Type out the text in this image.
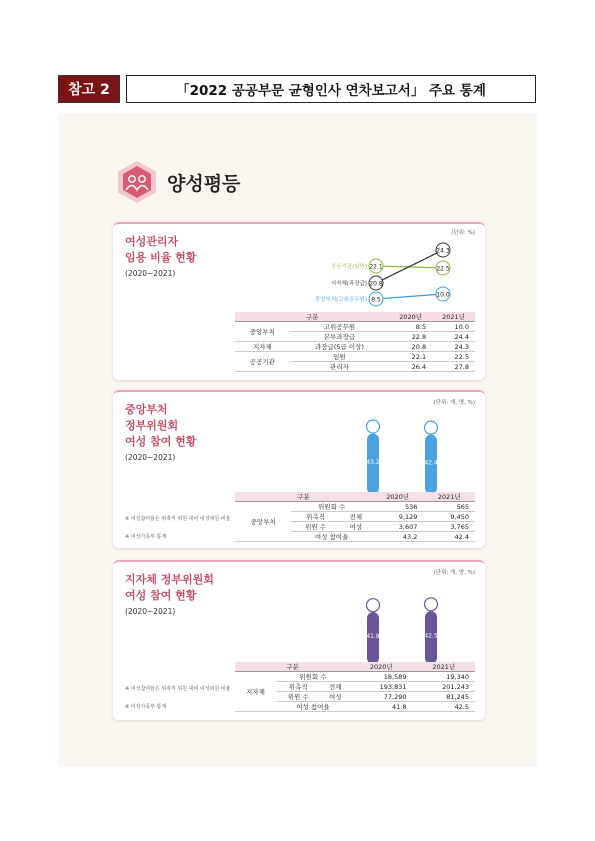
참고 2	「2022 공공부문 균형인사 연차보고서」 주요 통계
양성평등
여성관리자
임용 비율 현황
(2020~2021)
(단위: %)
22.1	22.5
20.8
24.3
8.5
10.0
공공기관(임원)
지자체(과장급)
중앙부처(고위공무원)
구분		2020년	2021년
중앙부처	고위공무원	8.5	10.0
	본부과장급	22.8	24.4
지자체	과장급(5급 이상)	20.8	24.3
공공기관	임원	22.1	22.5
	관리자	26.4	27.8
중앙부처
정부위원회
여성 참여 현황
(2020~2021)
(단위: 개, 명, %)
※ 여성참여율은 위촉직 위원 대비 여성위원 비율
※ 여성가족부 통계
43.2	42.4
구분			2020년	2021년
중앙부처	위원회 수		536	565
	위촉직	전체	9,129	9,450
	위원 수	여성	3,607	3,765
	여성 참여율		43.2	42.4
지자체 정부위원회
여성 참여 현황
(2020~2021)
(단위: 개, 명, %)
※ 여성참여율은 위촉직 위원 대비 여성위원 비율
※ 여성가족부 통계
41.8	42.5
구분			2020년	2021년
지자체	위원회 수		18,589	19,340
	위촉직	전체	193,831	201,243
	위원 수	여성	77,290	81,245
	여성 참여율		41.8	42.5
